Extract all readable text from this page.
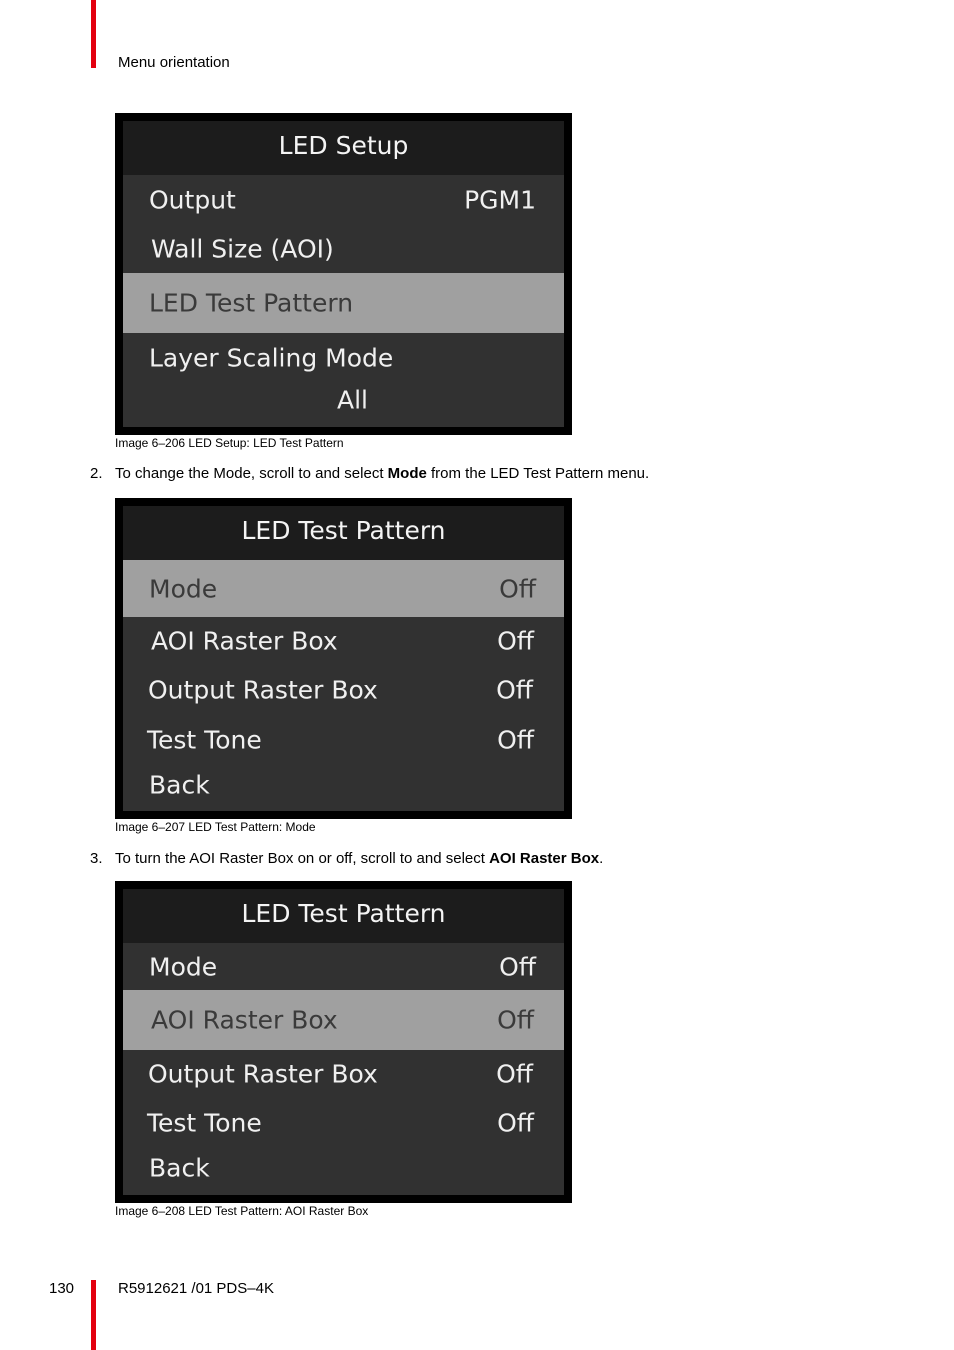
Menu orientation
LED Setup
Output	PGM1
Wall Size (AOI)
LED Test Pattern
Layer Scaling Mode
All
Image 6–206 LED Setup: LED Test Pattern
2. To change the Mode, scroll to and select Mode from the LED Test Pattern menu.
LED Test Pattern
Mode	Off
AOI Raster Box	Off
Output Raster Box	Off
Test Tone	Off
Back
Image 6–207 LED Test Pattern: Mode
3. To turn the AOI Raster Box on or off, scroll to and select AOI Raster Box.
LED Test Pattern
Mode	Off
AOI Raster Box	Off
Output Raster Box	Off
Test Tone	Off
Back
Image 6–208 LED Test Pattern: AOI Raster Box
130	R5912621 /01 PDS–4K
